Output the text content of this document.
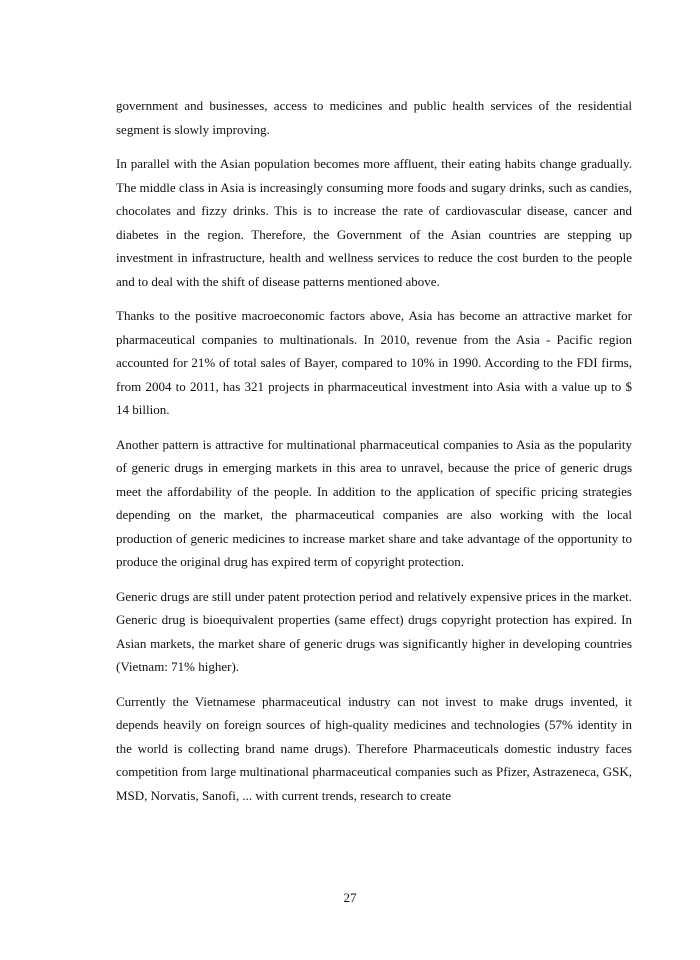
government and businesses, access to medicines and public health services of the residential segment is slowly improving.

In parallel with the Asian population becomes more affluent, their eating habits change gradually. The middle class in Asia is increasingly consuming more foods and sugary drinks, such as candies, chocolates and fizzy drinks. This is to increase the rate of cardiovascular disease, cancer and diabetes in the region. Therefore, the Government of the Asian countries are stepping up investment in infrastructure, health and wellness services to reduce the cost burden to the people and to deal with the shift of disease patterns mentioned above.

Thanks to the positive macroeconomic factors above, Asia has become an attractive market for pharmaceutical companies to multinationals. In 2010, revenue from the Asia - Pacific region accounted for 21% of total sales of Bayer, compared to 10% in 1990. According to the FDI firms, from 2004 to 2011, has 321 projects in pharmaceutical investment into Asia with a value up to $ 14 billion.

Another pattern is attractive for multinational pharmaceutical companies to Asia as the popularity of generic drugs in emerging markets in this area to unravel, because the price of generic drugs meet the affordability of the people. In addition to the application of specific pricing strategies depending on the market, the pharmaceutical companies are also working with the local production of generic medicines to increase market share and take advantage of the opportunity to produce the original drug has expired term of copyright protection.

Generic drugs are still under patent protection period and relatively expensive prices in the market. Generic drug is bioequivalent properties (same effect) drugs copyright protection has expired. In Asian markets, the market share of generic drugs was significantly higher in developing countries (Vietnam: 71% higher).

Currently the Vietnamese pharmaceutical industry can not invest to make drugs invented, it depends heavily on foreign sources of high-quality medicines and technologies (57% identity in the world is collecting brand name drugs). Therefore Pharmaceuticals domestic industry faces competition from large multinational pharmaceutical companies such as Pfizer, Astrazeneca, GSK, MSD, Norvatis, Sanofi, ... with current trends, research to create

27
